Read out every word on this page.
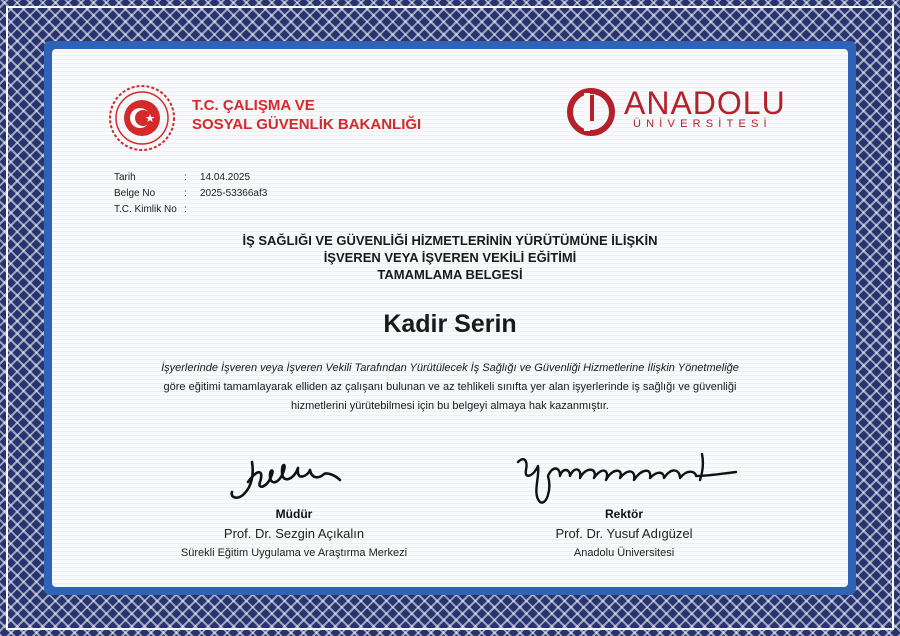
T.C. ÇALIŞMA VE
SOSYAL GÜVENLİK BAKANLIĞI
ANADOLU
ÜNİVERSİTESİ
Tarih	:	14.04.2025
Belge No	:	2025-53366af3
T.C. Kimlik No :
İŞ SAĞLIĞI VE GÜVENLİĞİ HİZMETLERİNİN YÜRÜTÜMÜNE İLİŞKİN
İŞVEREN VEYA İŞVEREN VEKİLİ EĞİTİMİ
TAMAMLAMA BELGESİ
Kadir Serin
İşyerlerinde İşveren veya İşveren Vekili Tarafından Yürütülecek İş Sağlığı ve Güvenliği Hizmetlerine İlişkin Yönetmeliğe
göre eğitimi tamamlayarak elliden az çalışanı bulunan ve az tehlikeli sınıfta yer alan işyerlerinde iş sağlığı ve güvenliği
hizmetlerini yürütebilmesi için bu belgeyi almaya hak kazanmıştır.
Müdür
Prof. Dr. Sezgin Açıkalın
Sürekli Eğitim Uygulama ve Araştırma Merkezi
Rektör
Prof. Dr. Yusuf Adıgüzel
Anadolu Üniversitesi
